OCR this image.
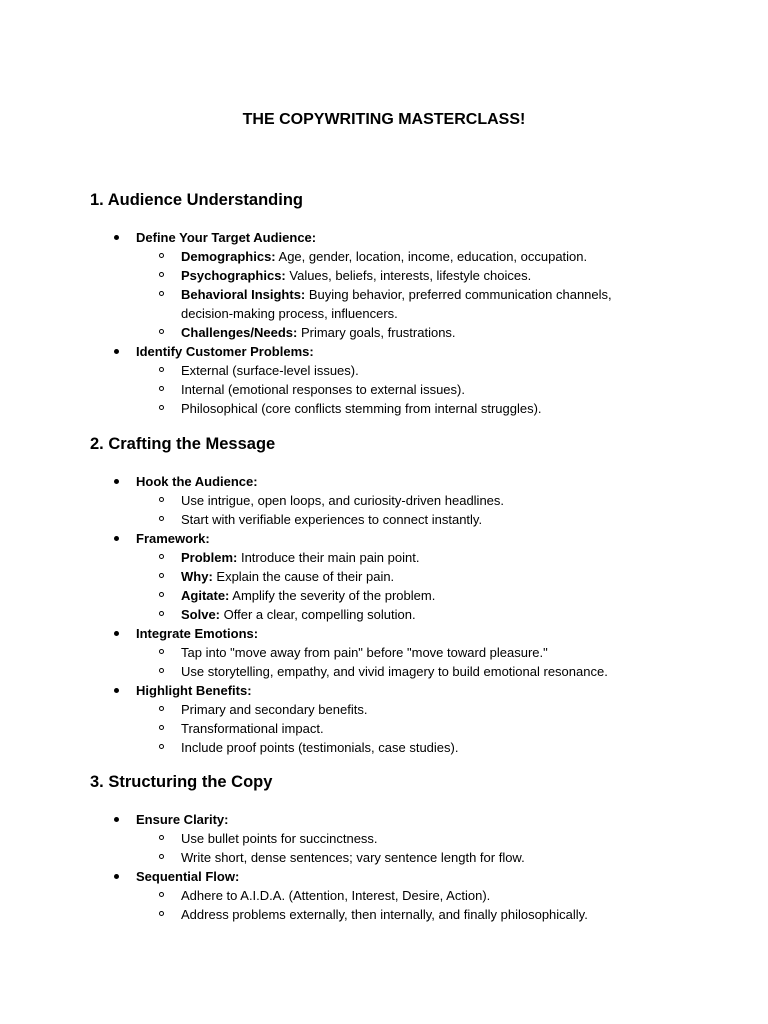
THE COPYWRITING MASTERCLASS!
1. Audience Understanding
Define Your Target Audience:
Demographics: Age, gender, location, income, education, occupation.
Psychographics: Values, beliefs, interests, lifestyle choices.
Behavioral Insights: Buying behavior, preferred communication channels, decision-making process, influencers.
Challenges/Needs: Primary goals, frustrations.
Identify Customer Problems:
External (surface-level issues).
Internal (emotional responses to external issues).
Philosophical (core conflicts stemming from internal struggles).
2. Crafting the Message
Hook the Audience:
Use intrigue, open loops, and curiosity-driven headlines.
Start with verifiable experiences to connect instantly.
Framework:
Problem: Introduce their main pain point.
Why: Explain the cause of their pain.
Agitate: Amplify the severity of the problem.
Solve: Offer a clear, compelling solution.
Integrate Emotions:
Tap into "move away from pain" before "move toward pleasure."
Use storytelling, empathy, and vivid imagery to build emotional resonance.
Highlight Benefits:
Primary and secondary benefits.
Transformational impact.
Include proof points (testimonials, case studies).
3. Structuring the Copy
Ensure Clarity:
Use bullet points for succinctness.
Write short, dense sentences; vary sentence length for flow.
Sequential Flow:
Adhere to A.I.D.A. (Attention, Interest, Desire, Action).
Address problems externally, then internally, and finally philosophically.
